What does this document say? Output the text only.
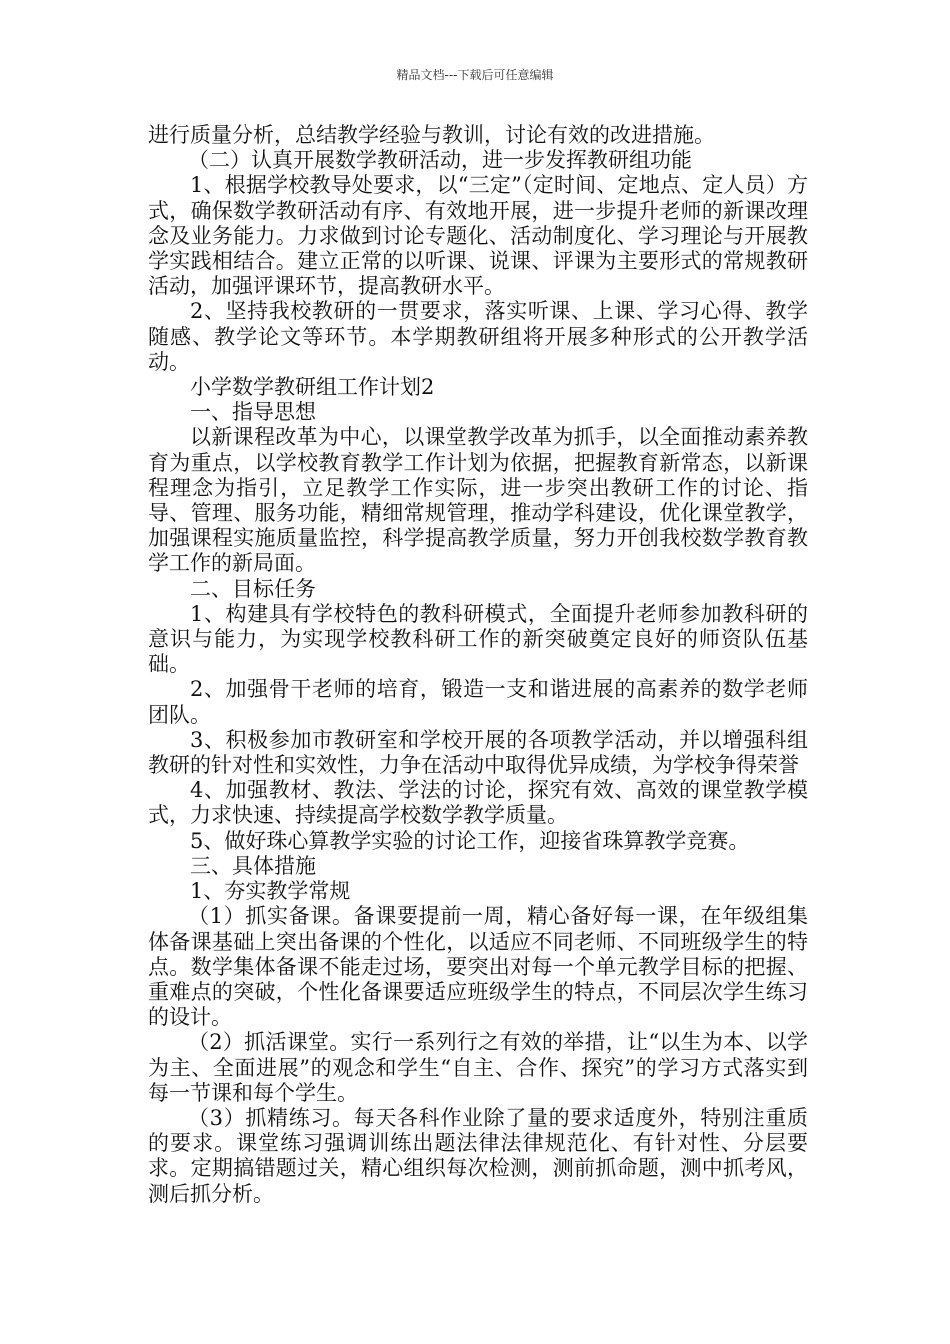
精品文档---下载后可任意编辑

进行质量分析，总结教学经验与教训，讨论有效的改进措施。

（二）认真开展数学教研活动，进一步发挥教研组功能

1、根据学校教导处要求，以“三定”（定时间、定地点、定人员）方式，确保数学教研活动有序、有效地开展，进一步提升老师的新课改理念及业务能力。力求做到讨论专题化、活动制度化、学习理论与开展教学实践相结合。建立正常的以听课、说课、评课为主要形式的常规教研活动，加强评课环节，提高教研水平。

2、坚持我校教研的一贯要求，落实听课、上课、学习心得、教学随感、教学论文等环节。本学期教研组将开展多种形式的公开教学活动。

小学数学教研组工作计划2

一、指导思想

以新课程改革为中心，以课堂教学改革为抓手，以全面推动素养教育为重点，以学校教育教学工作计划为依据，把握教育新常态，以新课程理念为指引，立足教学工作实际，进一步突出教研工作的讨论、指导、管理、服务功能，精细常规管理，推动学科建设，优化课堂教学，加强课程实施质量监控，科学提高教学质量，努力开创我校数学教育教学工作的新局面。

二、目标任务

1、构建具有学校特色的教科研模式，全面提升老师参加教科研的意识与能力，为实现学校教科研工作的新突破奠定良好的师资队伍基础。

2、加强骨干老师的培育，锻造一支和谐进展的高素养的数学老师团队。

3、积极参加市教研室和学校开展的各项教学活动，并以增强科组教研的针对性和实效性，力争在活动中取得优异成绩，为学校争得荣誉

4、加强教材、教法、学法的讨论，探究有效、高效的课堂教学模式，力求快速、持续提高学校数学教学质量。

5、做好珠心算教学实验的讨论工作，迎接省珠算教学竞赛。

三、具体措施

1、夯实教学常规

（1）抓实备课。备课要提前一周，精心备好每一课，在年级组集体备课基础上突出备课的个性化，以适应不同老师、不同班级学生的特点。数学集体备课不能走过场，要突出对每一个单元教学目标的把握、重难点的突破，个性化备课要适应班级学生的特点，不同层次学生练习的设计。

（2）抓活课堂。实行一系列行之有效的举措，让“以生为本、以学为主、全面进展”的观念和学生“自主、合作、探究”的学习方式落实到每一节课和每个学生。

（3）抓精练习。每天各科作业除了量的要求适度外，特别注重质的要求。课堂练习强调训练出题法律法律规范化、有针对性、分层要求。定期搞错题过关，精心组织每次检测，测前抓命题，测中抓考风，测后抓分析。
